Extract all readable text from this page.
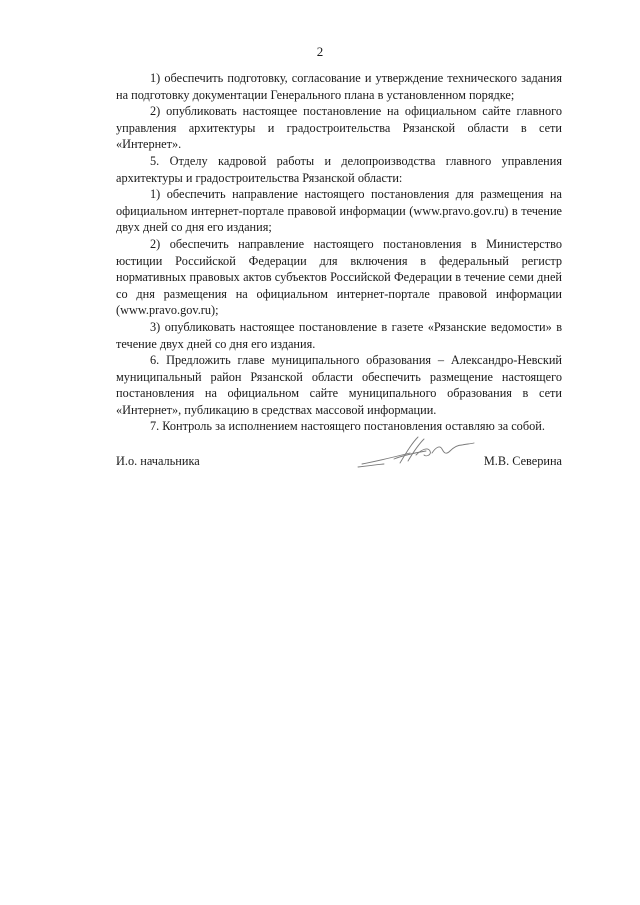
2

1) обеспечить подготовку, согласование и утверждение технического задания на подготовку документации Генерального плана в установленном порядке;

2) опубликовать настоящее постановление на официальном сайте главного управления архитектуры и градостроительства Рязанской области в сети «Интернет».

5. Отделу кадровой работы и делопроизводства главного управления архитектуры и градостроительства Рязанской области:

1) обеспечить направление настоящего постановления для размещения на официальном интернет-портале правовой информации (www.pravo.gov.ru) в течение двух дней со дня его издания;

2) обеспечить направление настоящего постановления в Министерство юстиции Российской Федерации для включения в федеральный регистр нормативных правовых актов субъектов Российской Федерации в течение семи дней со дня размещения на официальном интернет-портале правовой информации (www.pravo.gov.ru);

3) опубликовать настоящее постановление в газете «Рязанские ведомости» в течение двух дней со дня его издания.

6. Предложить главе муниципального образования – Александро-Невский муниципальный район Рязанской области обеспечить размещение настоящего постановления на официальном сайте муниципального образования в сети «Интернет», публикацию в средствах массовой информации.

7. Контроль за исполнением настоящего постановления оставляю за собой.

И.о. начальника	М.В. Северина
